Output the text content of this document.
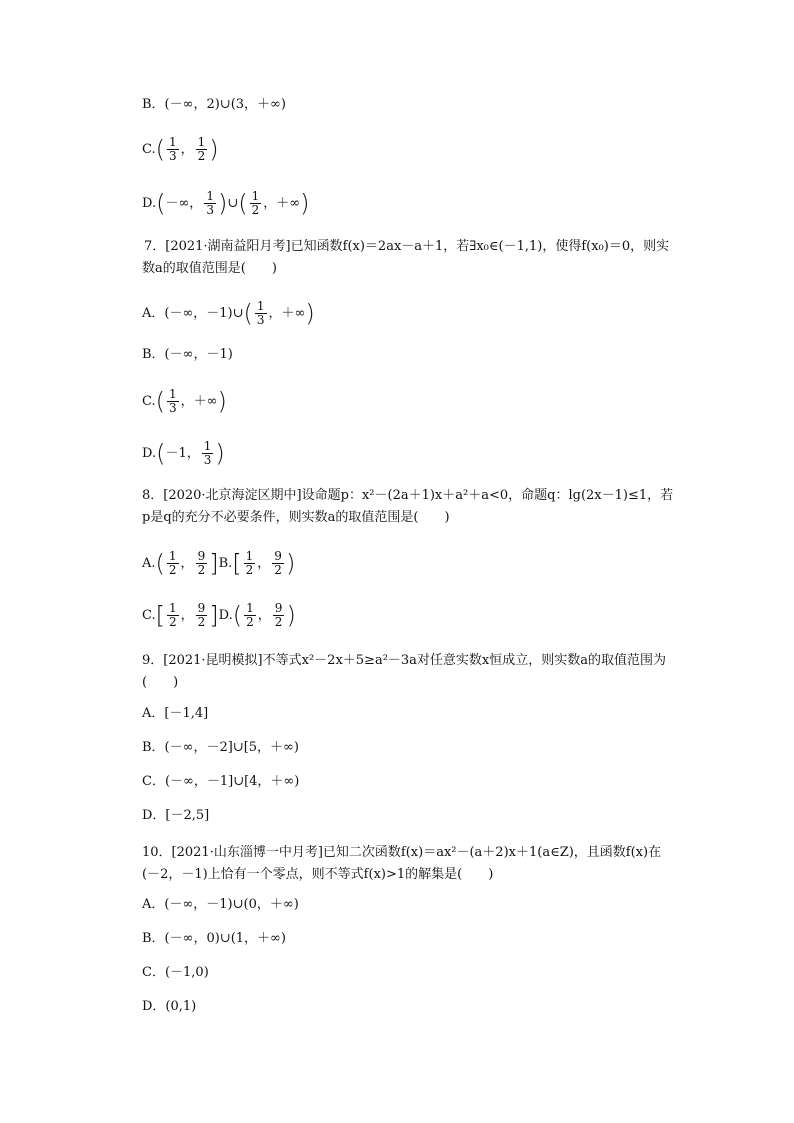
B．(－∞，2)∪(3，＋∞)
$C.( \frac{1}{3}$ ， $\frac{1}{2}$ )
D.(－∞， $\frac{1}{3}$ )∪( $\frac{1}{2}$ ，＋∞)
7．[2021·湖南益阳月考]已知函数f(x)＝2ax－a＋1，若∃x₀∈(－1,1)，使得f(x₀)＝0，则实数a的取值范围是(　　)
A．(－∞，－1)∪( $\frac{1}{3}$ ，＋∞)
B．(－∞，－1)
$C.( \frac{1}{3}$ ，＋∞)
D.(－1， $\frac{1}{3}$ )
8．[2020·北京海淀区期中]设命题p：x²－(2a＋1)x＋a²＋a<0，命题q：lg(2x－1)≤1，若p是q的充分不必要条件，则实数a的取值范围是(　　)
$A.( \frac{1}{2}$ ， $\frac{9}{2} ]B.[ \frac{1}{2}$ ， $\frac{9}{2}$ )
$C.[ \frac{1}{2}$ ， $\frac{9}{2} ]D.( \frac{1}{2}$ ， $\frac{9}{2}$ )
9．[2021·昆明模拟]不等式x²－2x＋5≥a²－3a对任意实数x恒成立，则实数a的取值范围为(　　)
A．[－1,4]
B．(－∞，－2]∪[5，＋∞)
C．(－∞，－1]∪[4，＋∞)
D．[－2,5]
10．[2021·山东淄博一中月考]已知二次函数f(x)＝ax²－(a＋2)x＋1(a∈Z)，且函数f(x)在(－2，－1)上恰有一个零点，则不等式f(x)>1的解集是(　　)
A．(－∞，－1)∪(0，＋∞)
B．(－∞，0)∪(1，＋∞)
C．(－1,0)
D．(0,1)
